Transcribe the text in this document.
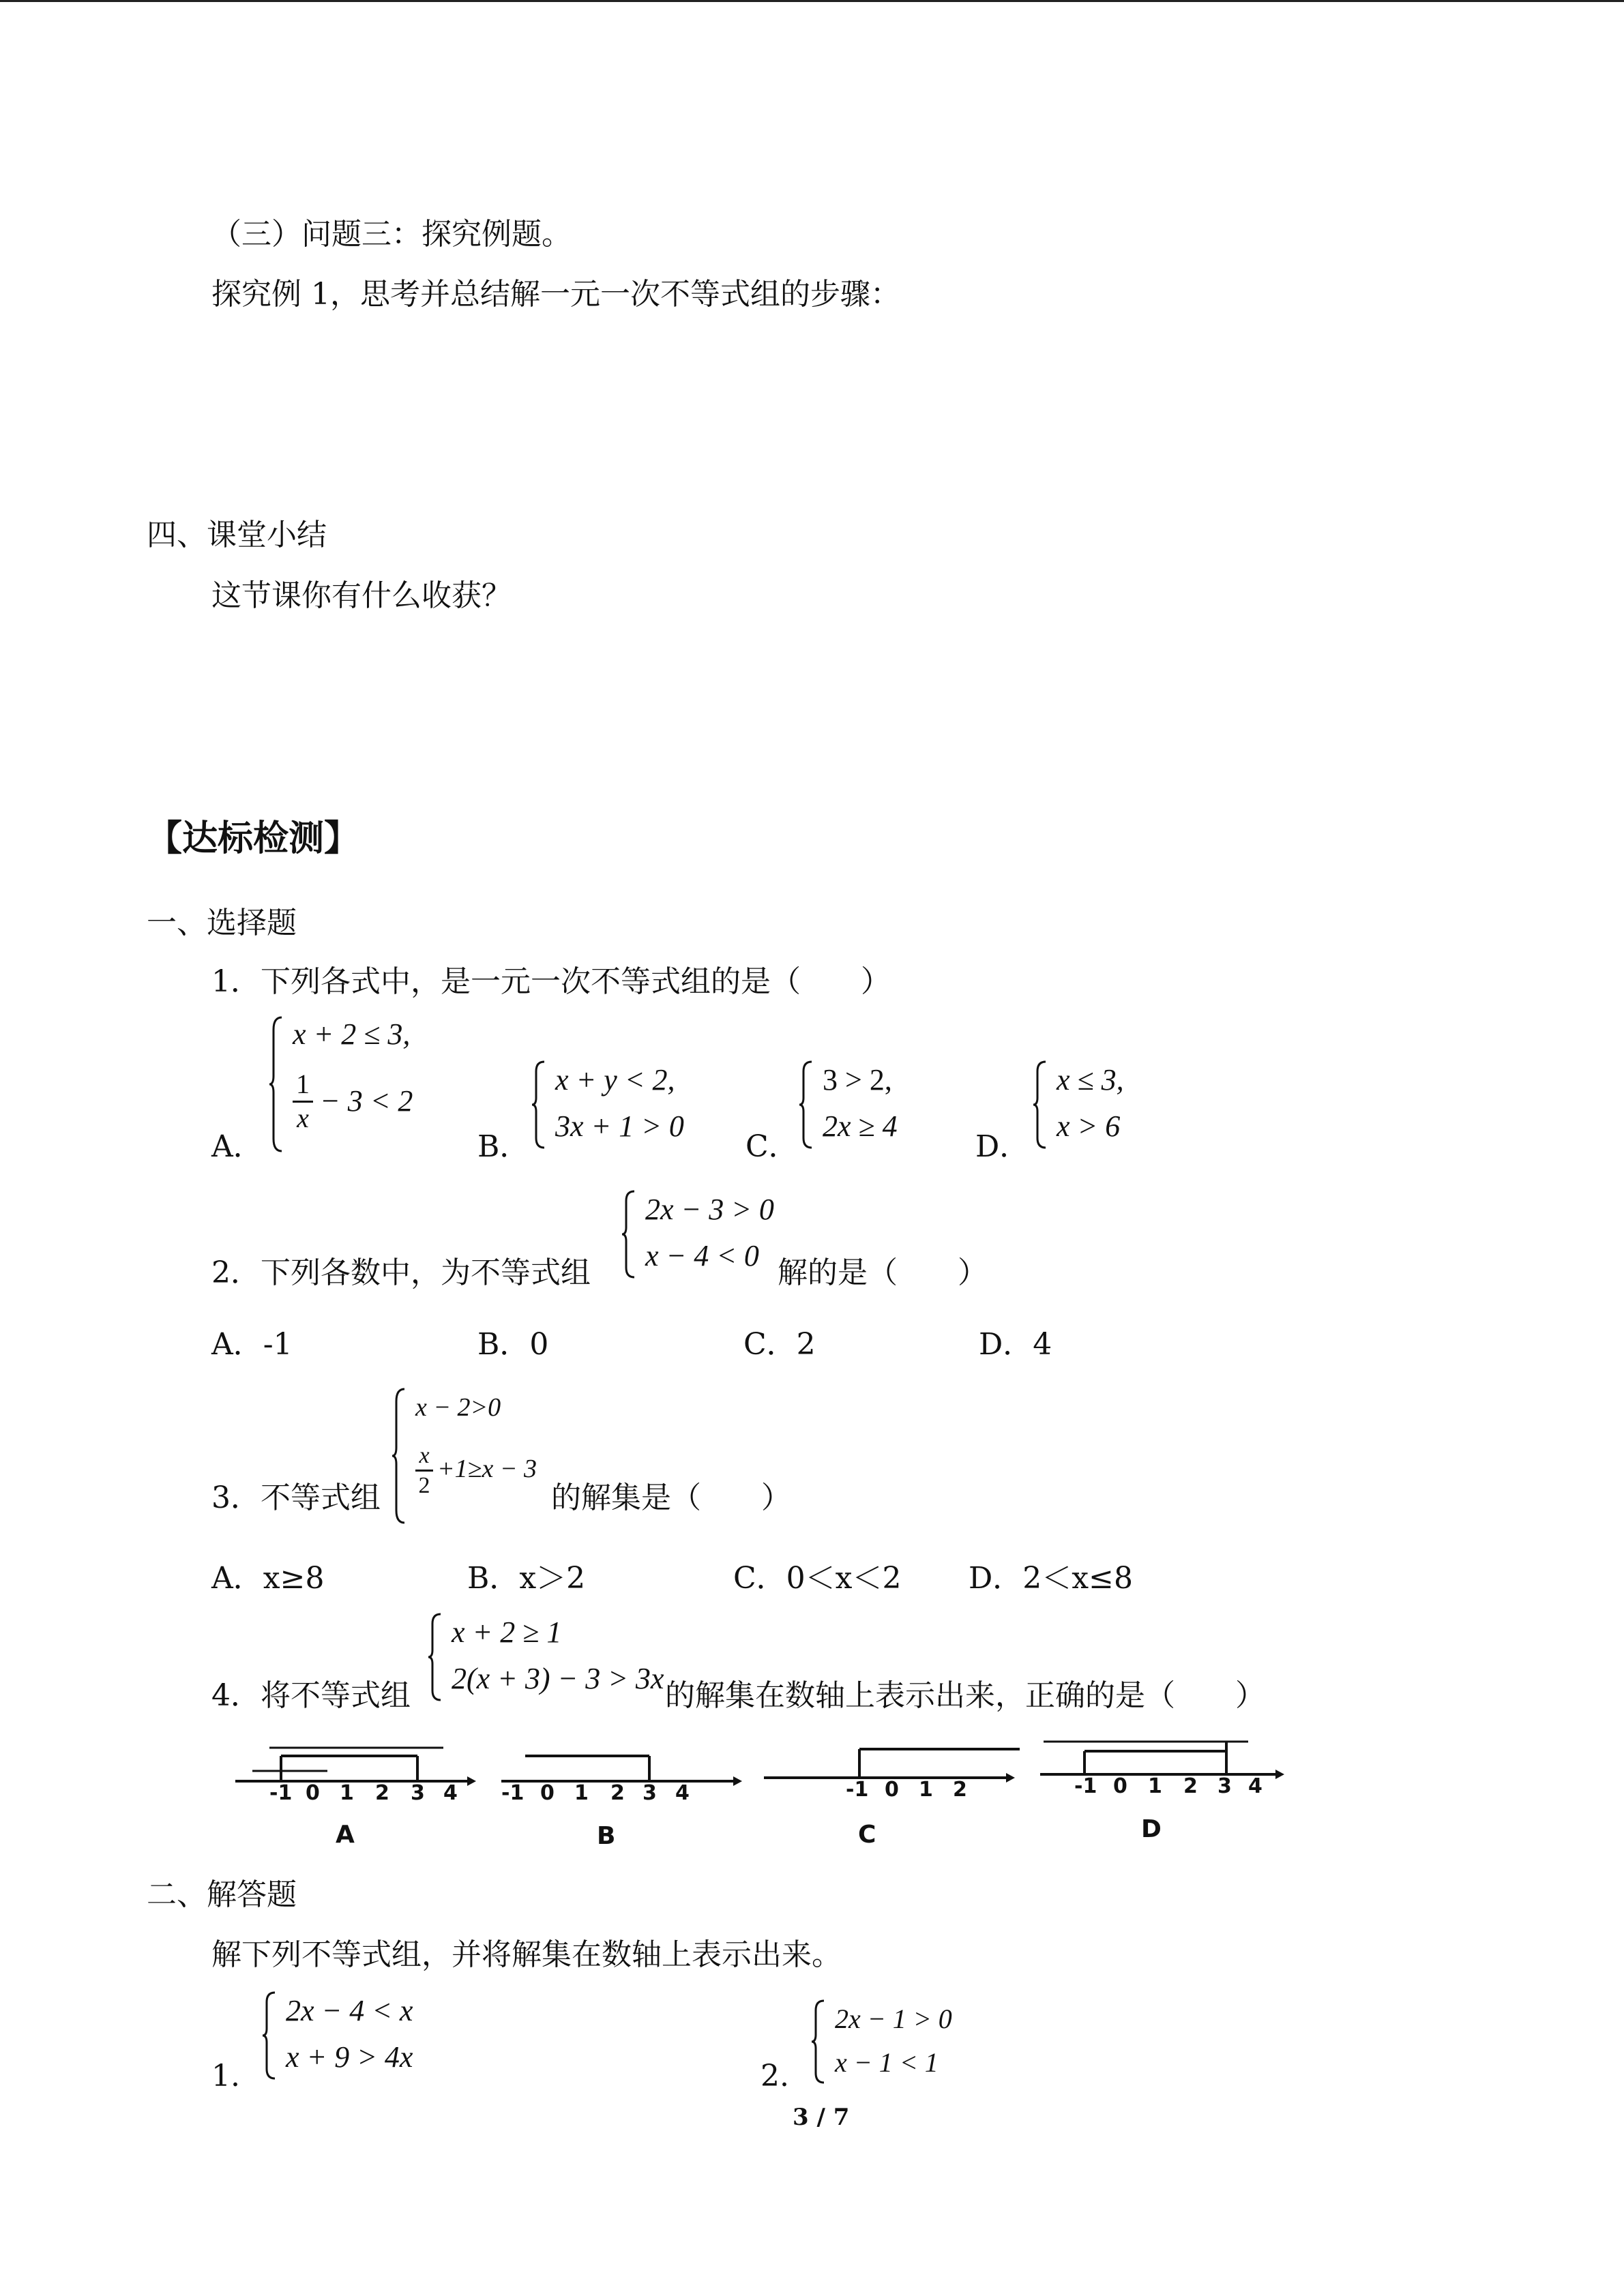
（三）问题三：探究例题。
探究例 1，思考并总结解一元一次不等式组的步骤：
四、课堂小结
这节课你有什么收获？
【达标检测】
一、选择题
1．下列各式中，是一元一次不等式组的是（　　）
A．
x + 2 ≤ 3,
1
x
− 3 < 2
B．
x + y < 2,
3x + 1 > 0
C．
3 > 2,
2x ≥ 4
D．
x ≤ 3,
x > 6
2．下列各数中，为不等式组
2x − 3 > 0
x − 4 < 0 解的是（　　）
A．-1	B．0	C．2	D．4
3．不等式组
x − 2>0
x
2
+1≥x − 3
的解集是（　　）
A．x≥8	B．x＞2	C．0＜x＜2 D．2＜x≤8
4．将不等式组
x + 2 ≥ 1
2(x + 3) − 3 > 3x 的解集在数轴上表示出来，正确的是（　　）
-1 0 1 2 3 4
A
-1 0 1 2 3 4
B
-1 0 1 2
C
-1 0 1 2 3 4
D
二、解答题
解下列不等式组，并将解集在数轴上表示出来。
1.
2x − 4 < x
x + 9 > 4x
2.
2x − 1 > 0
x − 1 < 1
3 / 7
